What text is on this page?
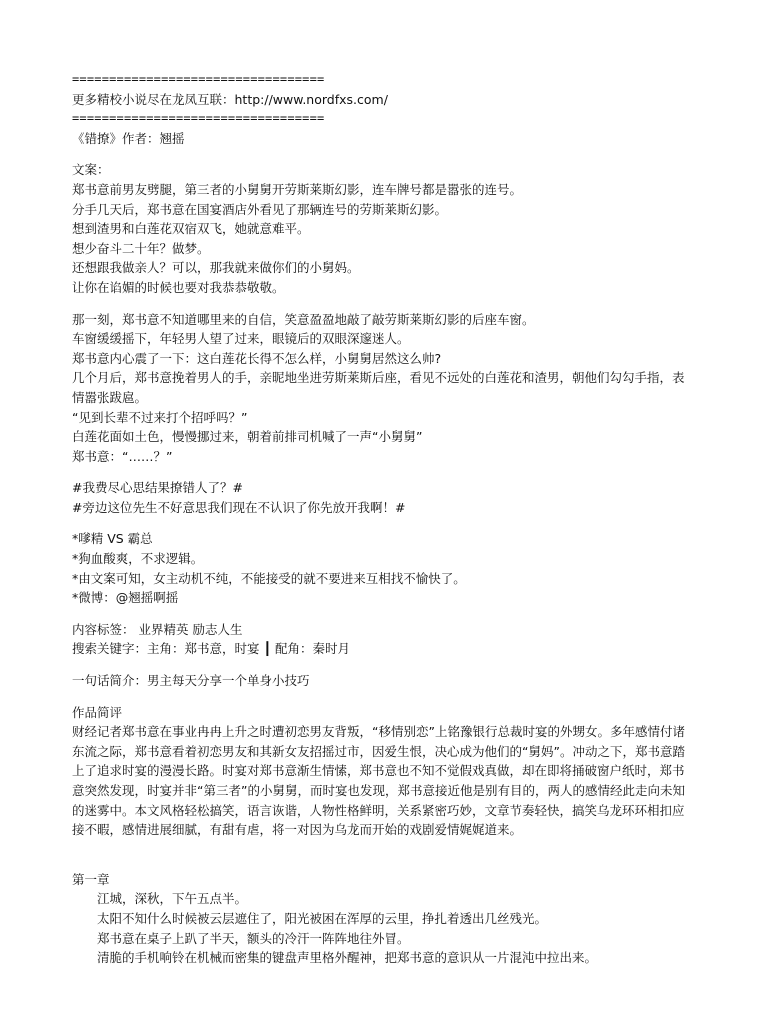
==================================
更多精校小说尽在龙凤互联：http://www.nordfxs.com/
==================================
《错撩》作者：翘摇
文案：
郑书意前男友劈腿，第三者的小舅舅开劳斯莱斯幻影，连车牌号都是嚣张的连号。
分手几天后，郑书意在国宴酒店外看见了那辆连号的劳斯莱斯幻影。
想到渣男和白莲花双宿双飞，她就意难平。
想少奋斗二十年？做梦。
还想跟我做亲人？可以，那我就来做你们的小舅妈。
让你在谄媚的时候也要对我恭恭敬敬。
那一刻，郑书意不知道哪里来的自信，笑意盈盈地敲了敲劳斯莱斯幻影的后座车窗。
车窗缓缓摇下，年轻男人望了过来，眼镜后的双眼深邃迷人。
郑书意内心震了一下：这白莲花长得不怎么样，小舅舅居然这么帅?
几个月后，郑书意挽着男人的手，亲昵地坐进劳斯莱斯后座，看见不远处的白莲花和渣男，朝他们勾勾手指，表情嚣张跋扈。
“见到长辈不过来打个招呼吗？”
白莲花面如土色，慢慢挪过来，朝着前排司机喊了一声“小舅舅”
郑书意：“……？”
#我费尽心思结果撩错人了？#
#旁边这位先生不好意思我们现在不认识了你先放开我啊！#
*嗲精 VS 霸总
*狗血酸爽，不求逻辑。
*由文案可知，女主动机不纯，不能接受的就不要进来互相找不愉快了。
*微博：@翘摇啊摇
内容标签： 业界精英 励志人生
搜索关键字：主角：郑书意，时宴 ┃ 配角：秦时月
一句话简介：男主每天分享一个单身小技巧
作品简评
财经记者郑书意在事业冉冉上升之时遭初恋男友背叛，“移情别恋”上铭豫银行总裁时宴的外甥女。多年感情付诸东流之际，郑书意看着初恋男友和其新女友招摇过市，因爱生恨，决心成为他们的“舅妈”。冲动之下，郑书意踏上了追求时宴的漫漫长路。时宴对郑书意渐生情愫，郑书意也不知不觉假戏真做，却在即将捅破窗户纸时，郑书意突然发现，时宴并非“第三者”的小舅舅，而时宴也发现，郑书意接近他是别有目的，两人的感情经此走向未知的迷雾中。本文风格轻松搞笑，语言诙谐，人物性格鲜明，关系紧密巧妙，文章节奏轻快，搞笑乌龙环环相扣应接不暇，感情进展细腻，有甜有虐，将一对因为乌龙而开始的戏剧爱情娓娓道来。
第一章
江城，深秋，下午五点半。
太阳不知什么时候被云层遮住了，阳光被困在浑厚的云里，挣扎着透出几丝残光。
郑书意在桌子上趴了半天，额头的冷汗一阵阵地往外冒。
清脆的手机响铃在机械而密集的键盘声里格外醒神，把郑书意的意识从一片混沌中拉出来。
